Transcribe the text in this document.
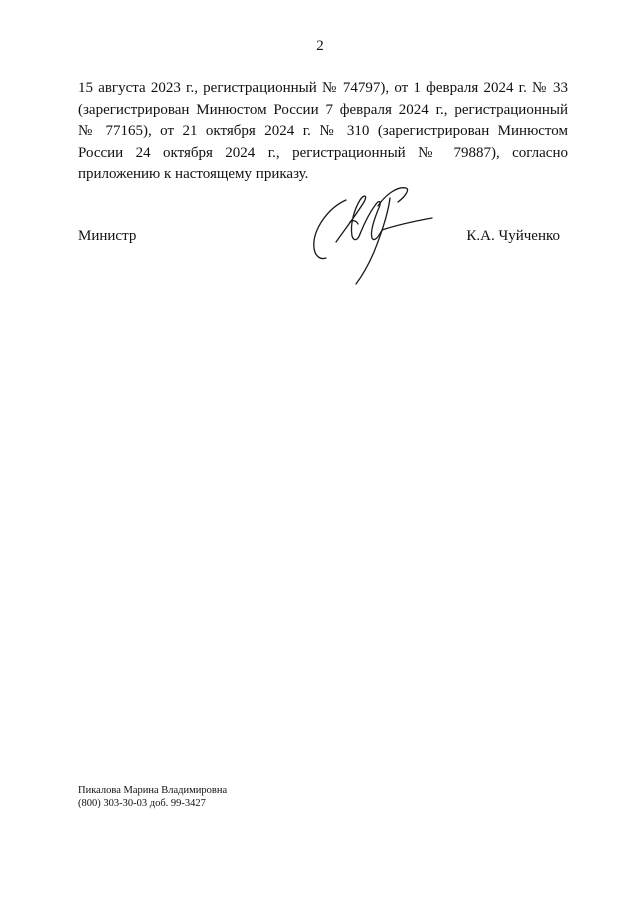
2
15 августа 2023 г., регистрационный № 74797), от 1 февраля 2024 г. № 33
(зарегистрирован Минюстом России 7 февраля 2024 г., регистрационный
№ 77165), от 21 октября 2024 г. № 310 (зарегистрирован Минюстом
России 24 октября 2024 г., регистрационный № 79887), согласно
приложению к настоящему приказу.
Министр	К.А. Чуйченко
Пикалова Марина Владимировна
(800) 303-30-03 доб. 99-3427
